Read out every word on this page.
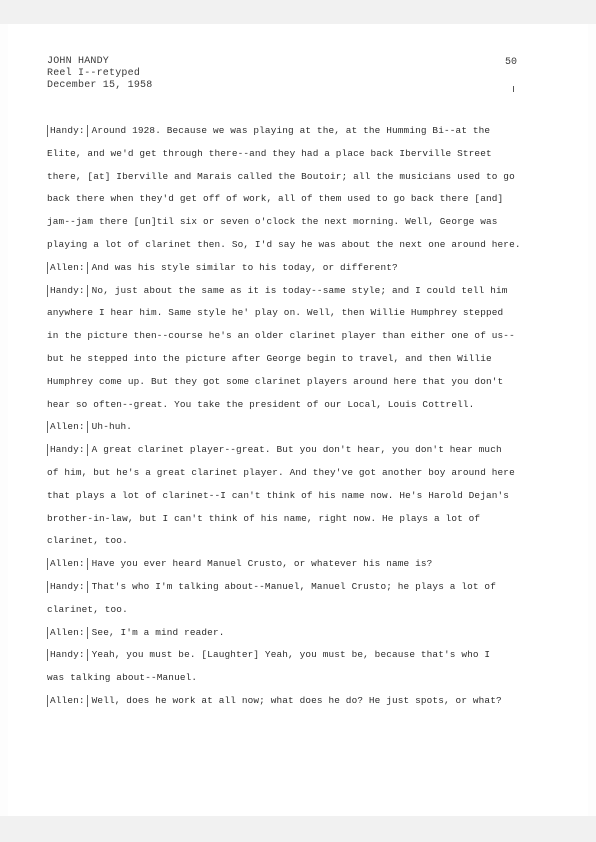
JOHN HANDY
Reel I--retyped
December 15, 1958
50
Handy: Around 1928. Because we was playing at the, at the Humming Bi--at the
Elite, and we'd get through there--and they had a place back Iberville Street
there, [at] Iberville and Marais called the Boutoir; all the musicians used to go
back there when they'd get off of work, all of them used to go back there [and]
jam--jam there [un]til six or seven o'clock the next morning. Well, George was
playing a lot of clarinet then. So, I'd say he was about the next one around here.
Allen: And was his style similar to his today, or different?
Handy: No, just about the same as it is today--same style; and I could tell him
anywhere I hear him. Same style he' play on. Well, then Willie Humphrey stepped
in the picture then--course he's an older clarinet player than either one of us--
but he stepped into the picture after George begin to travel, and then Willie
Humphrey come up. But they got some clarinet players around here that you don't
hear so often--great. You take the president of our Local, Louis Cottrell.
Allen: Uh-huh.
Handy: A great clarinet player--great. But you don't hear, you don't hear much
of him, but he's a great clarinet player. And they've got another boy around here
that plays a lot of clarinet--I can't think of his name now. He's Harold Dejan's
brother-in-law, but I can't think of his name, right now. He plays a lot of
clarinet, too.
Allen: Have you ever heard Manuel Crusto, or whatever his name is?
Handy: That's who I'm talking about--Manuel, Manuel Crusto; he plays a lot of
clarinet, too.
Allen: See, I'm a mind reader.
Handy: Yeah, you must be. [Laughter] Yeah, you must be, because that's who I
was talking about--Manuel.
Allen: Well, does he work at all now; what does he do? He just spots, or what?
